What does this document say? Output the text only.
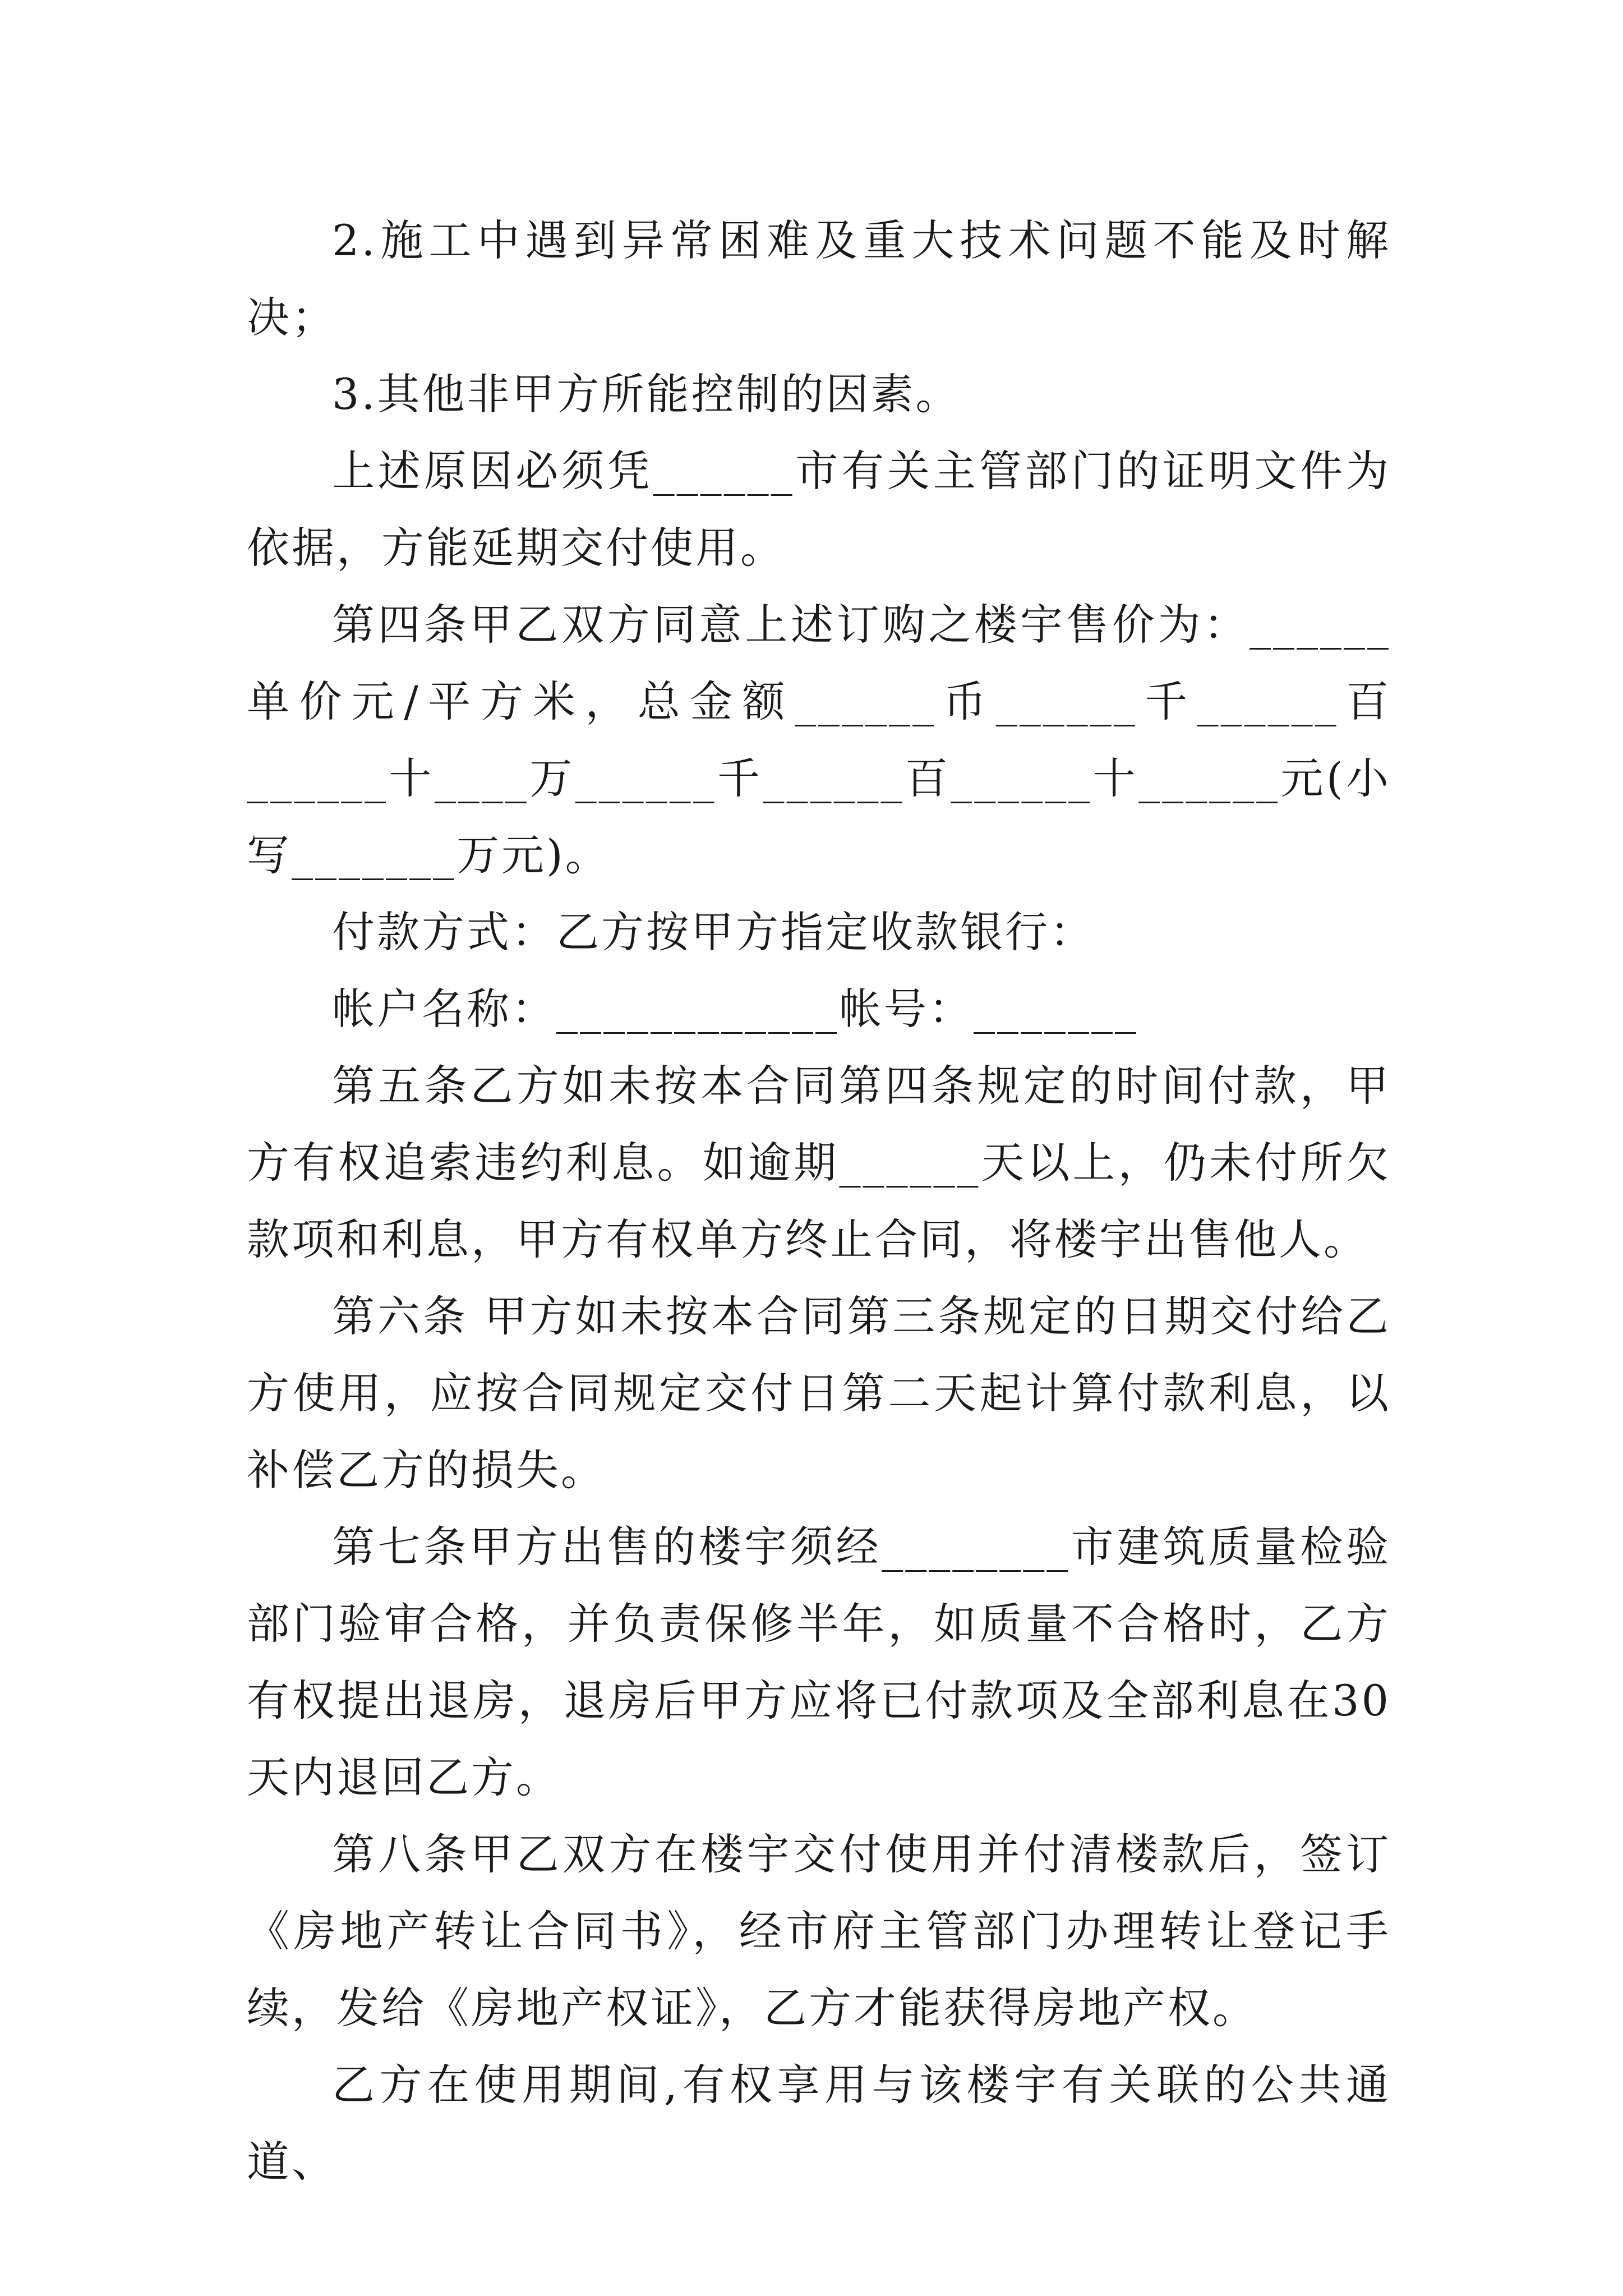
2.施工中遇到异常困难及重大技术问题不能及时解决；

3.其他非甲方所能控制的因素。

上述原因必须凭______市有关主管部门的证明文件为依据，方能延期交付使用。

第四条甲乙双方同意上述订购之楼宇售价为：______单价元/平方米，总金额______币______千______百______十____万______千______百______十______元(小写_______万元)。

付款方式：乙方按甲方指定收款银行：

帐户名称：____________帐号：_______

第五条乙方如未按本合同第四条规定的时间付款，甲方有权追索违约利息。如逾期______天以上，仍未付所欠款项和利息，甲方有权单方终止合同，将楼宇出售他人。

第六条 甲方如未按本合同第三条规定的日期交付给乙方使用，应按合同规定交付日第二天起计算付款利息，以补偿乙方的损失。

第七条甲方出售的楼宇须经________市建筑质量检验部门验审合格，并负责保修半年，如质量不合格时，乙方有权提出退房，退房后甲方应将已付款项及全部利息在30天内退回乙方。

第八条甲乙双方在楼宇交付使用并付清楼款后，签订《房地产转让合同书》，经市府主管部门办理转让登记手续，发给《房地产权证》，乙方才能获得房地产权。

乙方在使用期间,有权享用与该楼宇有关联的公共通道、
